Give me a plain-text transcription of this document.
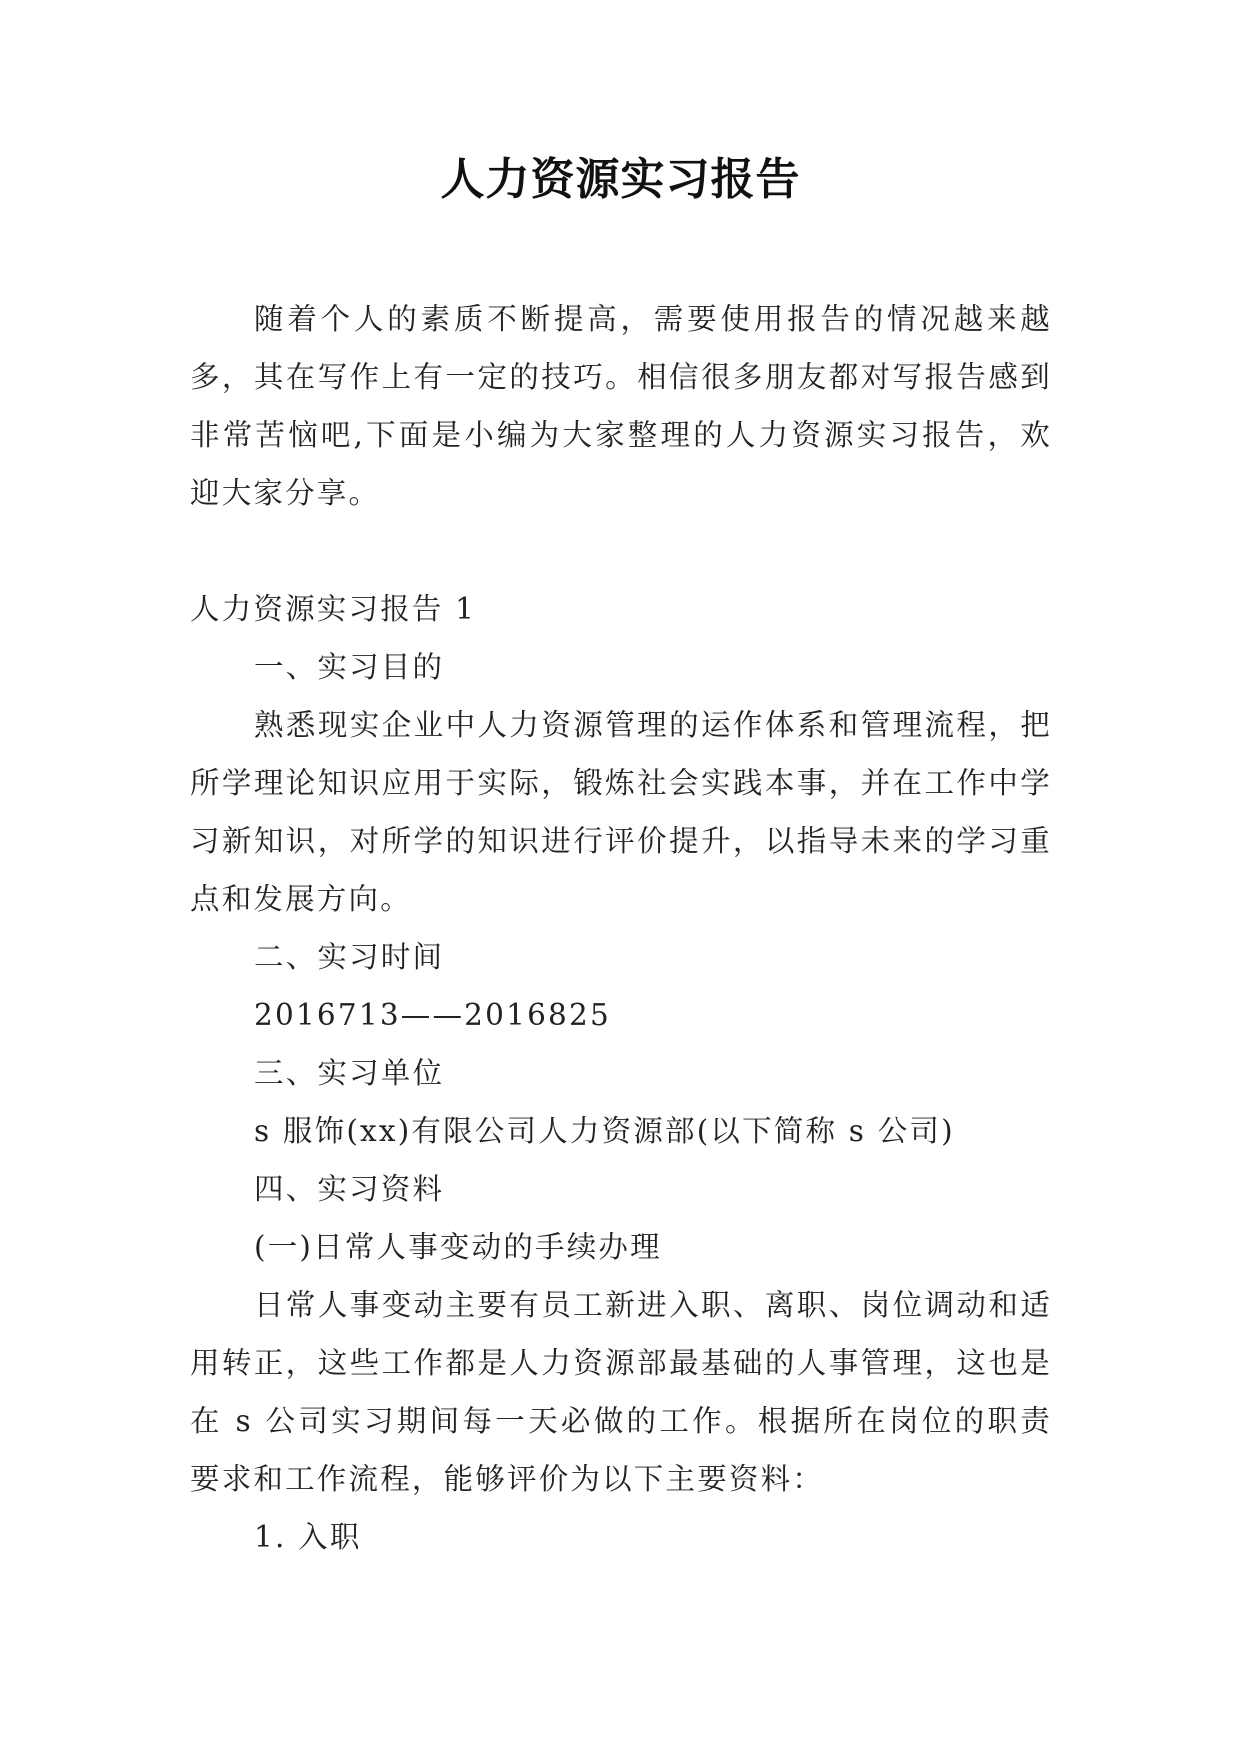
人力资源实习报告

随着个人的素质不断提高，需要使用报告的情况越来越多，其在写作上有一定的技巧。相信很多朋友都对写报告感到非常苦恼吧,下面是小编为大家整理的人力资源实习报告，欢迎大家分享。

人力资源实习报告 1

一、实习目的

熟悉现实企业中人力资源管理的运作体系和管理流程，把所学理论知识应用于实际，锻炼社会实践本事，并在工作中学习新知识，对所学的知识进行评价提升，以指导未来的学习重点和发展方向。

二、实习时间

2016713——2016825

三、实习单位

s 服饰(xx)有限公司人力资源部(以下简称 s 公司)

四、实习资料

(一)日常人事变动的手续办理

日常人事变动主要有员工新进入职、离职、岗位调动和适用转正，这些工作都是人力资源部最基础的人事管理，这也是在 s 公司实习期间每一天必做的工作。根据所在岗位的职责要求和工作流程，能够评价为以下主要资料：

1. 入职
